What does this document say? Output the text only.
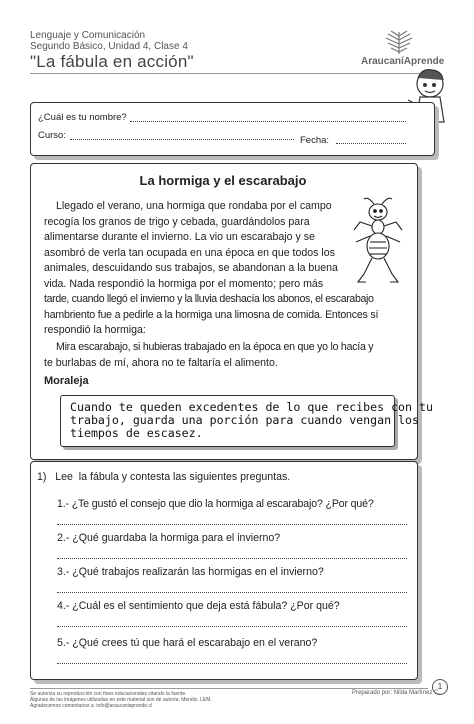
Lenguaje y Comunicación
Segundo Básico, Unidad 4, Clase 4
"La fábula en acción"	AraucaníAprende
¿Cuál es tu nombre?
Curso:	Fecha:
La hormiga y el escarabajo
Llegado el verano, una hormiga que rondaba por el campo
recogía los granos de trigo y cebada, guardándolos para
alimentarse durante el invierno. La vio un escarabajo y se
asombró de verla tan ocupada en una época en que todos los
animales, descuidando sus trabajos, se abandonan a la buena
vida. Nada respondió la hormiga por el momento; pero más
tarde, cuando llegó el invierno y la lluvia deshacía los abonos, el escarabajo
hambriento fue a pedirle a la hormiga una limosna de comida. Entonces sí
respondió la hormiga:
Mira escarabajo, si hubieras trabajado en la época en que yo lo hacía y
te burlabas de mí, ahora no te faltaría el alimento.
Moraleja
Cuando te queden excedentes de lo que recibes con tu
trabajo, guarda una porción para cuando vengan los
tiempos de escasez.
1)   Lee  la fábula y contesta las siguientes preguntas.
1.- ¿Te gustó el consejo que dio la hormiga al escarabajo? ¿Por qué?
2.- ¿Qué guardaba la hormiga para el invierno?
3.- ¿Qué trabajos realizarán las hormigas en el invierno?
4.- ¿Cuál es el sentimiento que deja está fábula? ¿Por qué?
5.- ¿Qué crees tú que hará el escarabajo en el verano?
Se autoriza su reproducción con fines educacionales citando la fuente.
Algunas de las imágenes utilizadas en este material son de autoría: Mendiz. LEM.
Agradecemos comentarios a: info@araucaniaprende.cl
Preparado por: Nilda Martínez C.
1
